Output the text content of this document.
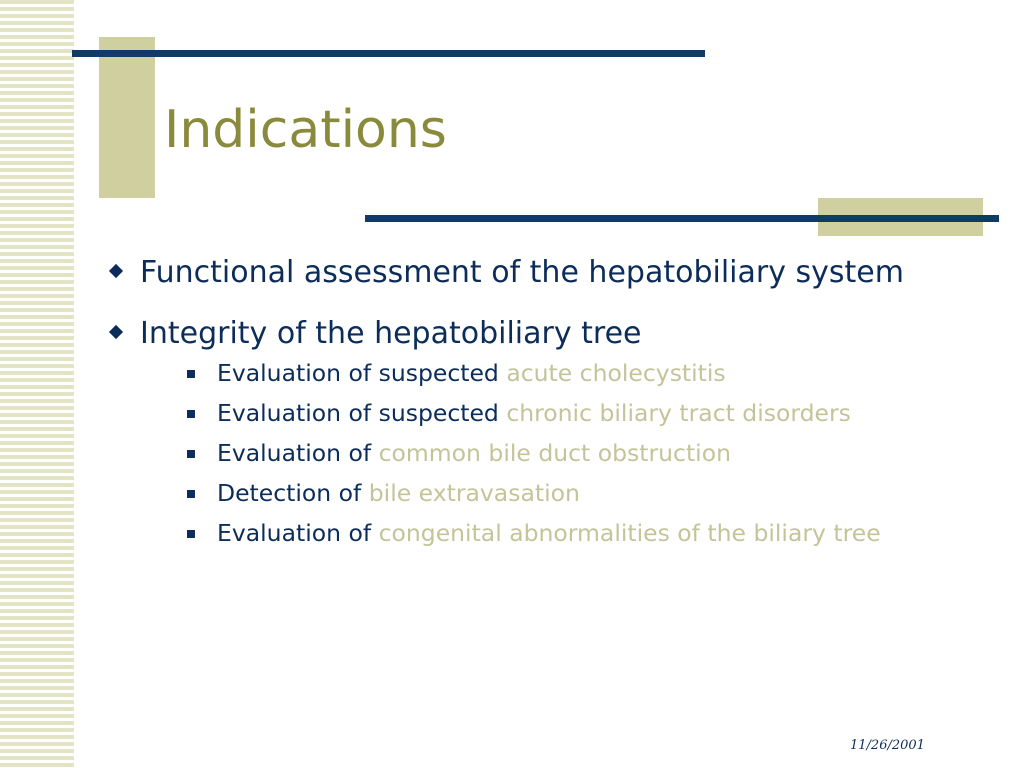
Indications
Functional assessment of the hepatobiliary system
Integrity of the hepatobiliary tree
Evaluation of suspected acute cholecystitis
Evaluation of suspected chronic biliary tract disorders
Evaluation of common bile duct obstruction
Detection of bile extravasation
Evaluation of congenital abnormalities of the biliary tree
11/26/2001
